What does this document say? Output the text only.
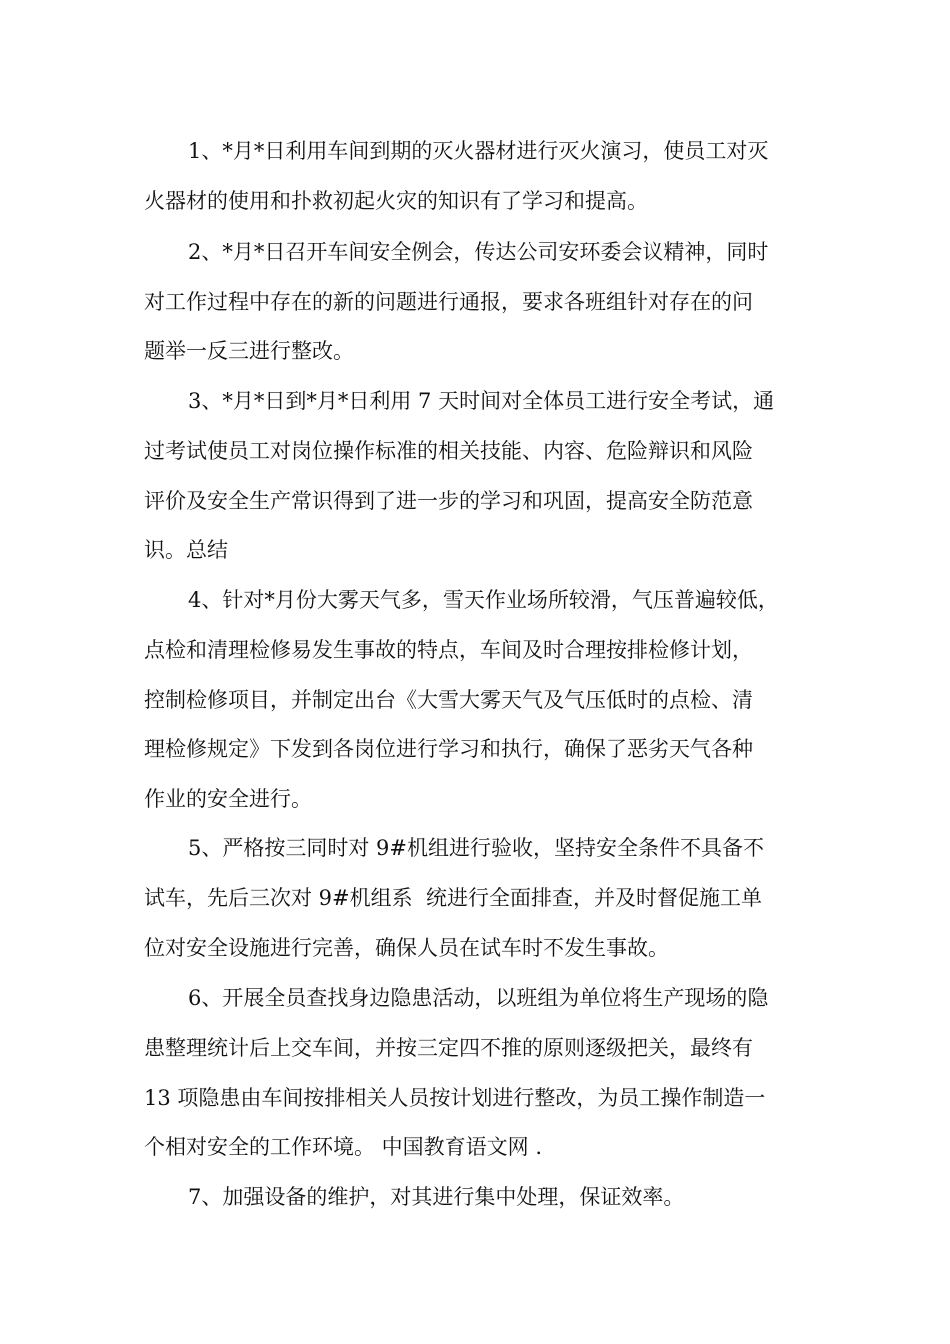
1、*月*日利用车间到期的灭火器材进行灭火演习，使员工对灭

火器材的使用和扑救初起火灾的知识有了学习和提高。

2、*月*日召开车间安全例会，传达公司安环委会议精神，同时

对工作过程中存在的新的问题进行通报，要求各班组针对存在的问

题举一反三进行整改。

3、*月*日到*月*日利用 7 天时间对全体员工进行安全考试，通

过考试使员工对岗位操作标准的相关技能、内容、危险辩识和风险

评价及安全生产常识得到了进一步的学习和巩固，提高安全防范意

识。总结

4、针对*月份大雾天气多，雪天作业场所较滑，气压普遍较低，

点检和清理检修易发生事故的特点，车间及时合理按排检修计划，

控制检修项目，并制定出台《大雪大雾天气及气压低时的点检、清

理检修规定》下发到各岗位进行学习和执行，确保了恶劣天气各种

作业的安全进行。

5、严格按三同时对 9#机组进行验收，坚持安全条件不具备不

试车，先后三次对 9#机组系  统进行全面排查，并及时督促施工单

位对安全设施进行完善，确保人员在试车时不发生事故。

6、开展全员查找身边隐患活动，以班组为单位将生产现场的隐

患整理统计后上交车间，并按三定四不推的原则逐级把关，最终有

13 项隐患由车间按排相关人员按计划进行整改，为员工操作制造一

个相对安全的工作环境。 中国教育语文网 .

7、加强设备的维护，对其进行集中处理，保证效率。
